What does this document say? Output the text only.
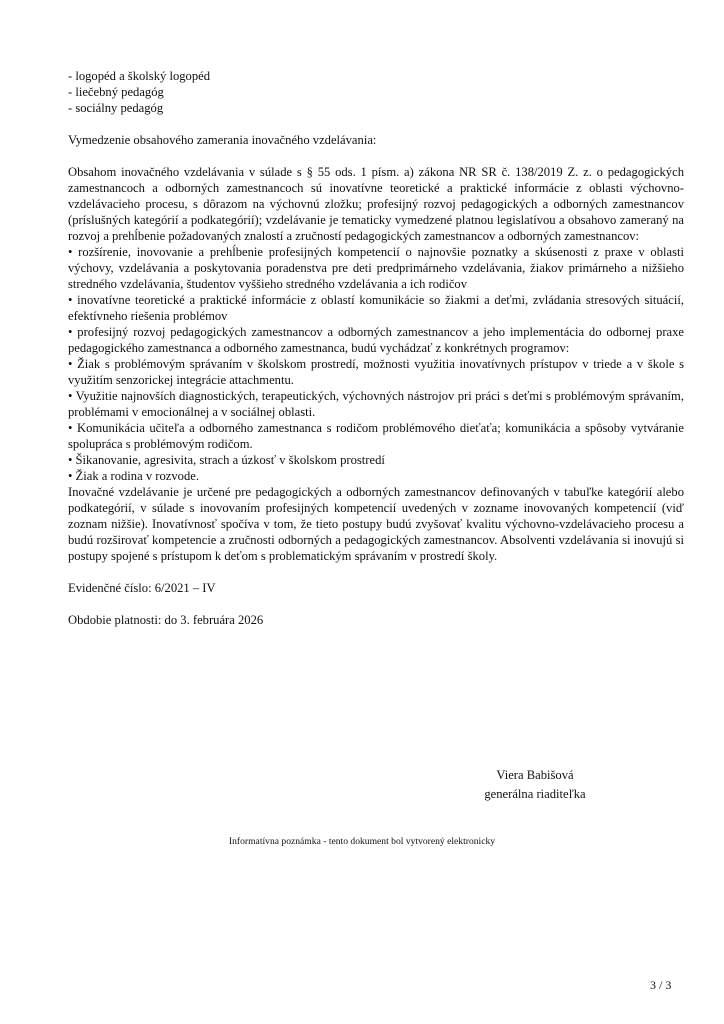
- logopéd a školský logopéd

- liečebný pedagóg

- sociálny pedagóg

Vymedzenie obsahového zamerania inovačného vzdelávania:

Obsahom inovačného vzdelávania v súlade s § 55 ods. 1 písm. a) zákona NR SR č. 138/2019 Z. z. o pedagogických zamestnancoch a odborných zamestnancoch sú inovatívne teoretické a praktické informácie z oblasti výchovno-vzdelávacieho procesu, s dôrazom na výchovnú zložku; profesijný rozvoj pedagogických a odborných zamestnancov (príslušných kategórií a podkategórií); vzdelávanie je tematicky vymedzené platnou legislatívou a obsahovo zameraný na rozvoj a prehĺbenie požadovaných znalostí a zručností pedagogických zamestnancov a odborných zamestnancov:

• rozšírenie, inovovanie a prehĺbenie profesijných kompetencií o najnovšie poznatky a skúsenosti z praxe v oblasti výchovy, vzdelávania a poskytovania poradenstva pre deti predprimárneho vzdelávania, žiakov primárneho a nižšieho stredného vzdelávania, študentov vyššieho stredného vzdelávania a ich rodičov

• inovatívne teoretické a praktické informácie z oblastí komunikácie so žiakmi a deťmi, zvládania stresových situácií, efektívneho riešenia problémov

• profesijný rozvoj pedagogických zamestnancov a odborných zamestnancov a jeho implementácia do odbornej praxe pedagogického zamestnanca a odborného zamestnanca, budú vychádzať z konkrétnych programov:

• Žiak s problémovým správaním v školskom prostredí, možnosti využitia inovatívnych prístupov v triede a v škole s využitím senzorickej integrácie attachmentu.

• Využitie najnovších diagnostických, terapeutických, výchovných nástrojov pri práci s deťmi s problémovým správaním, problémami v emocionálnej a v sociálnej oblasti.

• Komunikácia učiteľa a odborného zamestnanca s rodičom problémového dieťaťa; komunikácia a spôsoby vytváranie spolupráca s problémovým rodičom.

• Šikanovanie, agresivita, strach a úzkosť v školskom prostredí

• Žiak a rodina v rozvode.

Inovačné vzdelávanie je určené pre pedagogických a odborných zamestnancov definovaných v tabuľke kategórií alebo podkategórií, v súlade s inovovaním profesijných kompetencií uvedených v zozname inovovaných kompetencií (viď zoznam nižšie). Inovatívnosť spočíva v tom, že tieto postupy budú zvyšovať kvalitu výchovno-vzdelávacieho procesu a budú rozširovať kompetencie a zručnosti odborných a pedagogických zamestnancov. Absolventi vzdelávania si inovujú si postupy spojené s prístupom k deťom s problematickým správaním v prostredí školy.

Evidenčné číslo: 6/2021 – IV

Obdobie platnosti: do 3. februára 2026

Viera Babišová
generálna riaditeľka
Informatívna poznámka - tento dokument bol vytvorený elektronicky
3 / 3
